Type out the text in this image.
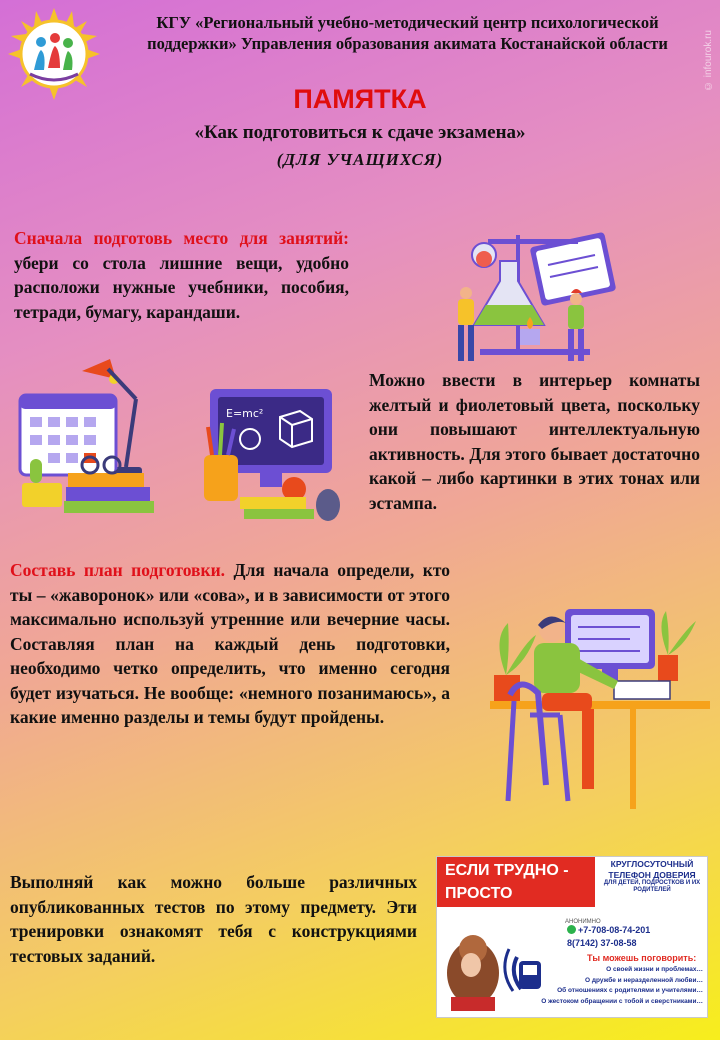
КГУ «Региональный учебно-методический центр психологической
поддержки» Управления образования акимата Костанайской области	© infourok.ru
ПАМЯТКА
«Как подготовиться к сдаче экзамена»
(ДЛЯ УЧАЩИХСЯ)
Сначала подготовь место для занятий: убери со стола лишние вещи, удобно расположи нужные учебники, пособия, тетради, бумагу, карандаши.
E=mc²
Можно ввести в интерьер комнаты желтый и фиолетовый цвета, поскольку они повышают интеллектуальную активность. Для этого бывает достаточно какой – либо картинки в этих тонах или эстампа.
Составь план подготовки. Для начала определи, кто ты – «жаворонок» или «сова», и в зависимости от этого максимально используй утренние или вечерние часы. Составляя план на каждый день подготовки, необходимо четко определить, что именно сегодня будет изучаться. Не вообще: «немного позанимаюсь», а какие именно разделы и темы будут пройдены.
Выполняй как можно больше различных опубликованных тестов по этому предмету. Эти тренировки ознакомят тебя с конструкциями тестовых заданий.
ЕСЛИ ТРУДНО -
ПРОСТО ПОЗВОНИ
КРУГЛОСУТОЧНЫЙ
ТЕЛЕФОН ДОВЕРИЯ
ДЛЯ ДЕТЕЙ, ПОДРОСТКОВ И ИХ РОДИТЕЛЕЙ
АНОНИМНО
+7-708-08-74-201
8(7142) 37-08-58
Ты можешь поговорить:
О своей жизни и проблемах…
О дружбе и неразделенной любви…
Об отношениях с родителями и учителями…
О жестоком обращении с тобой и сверстниками…
